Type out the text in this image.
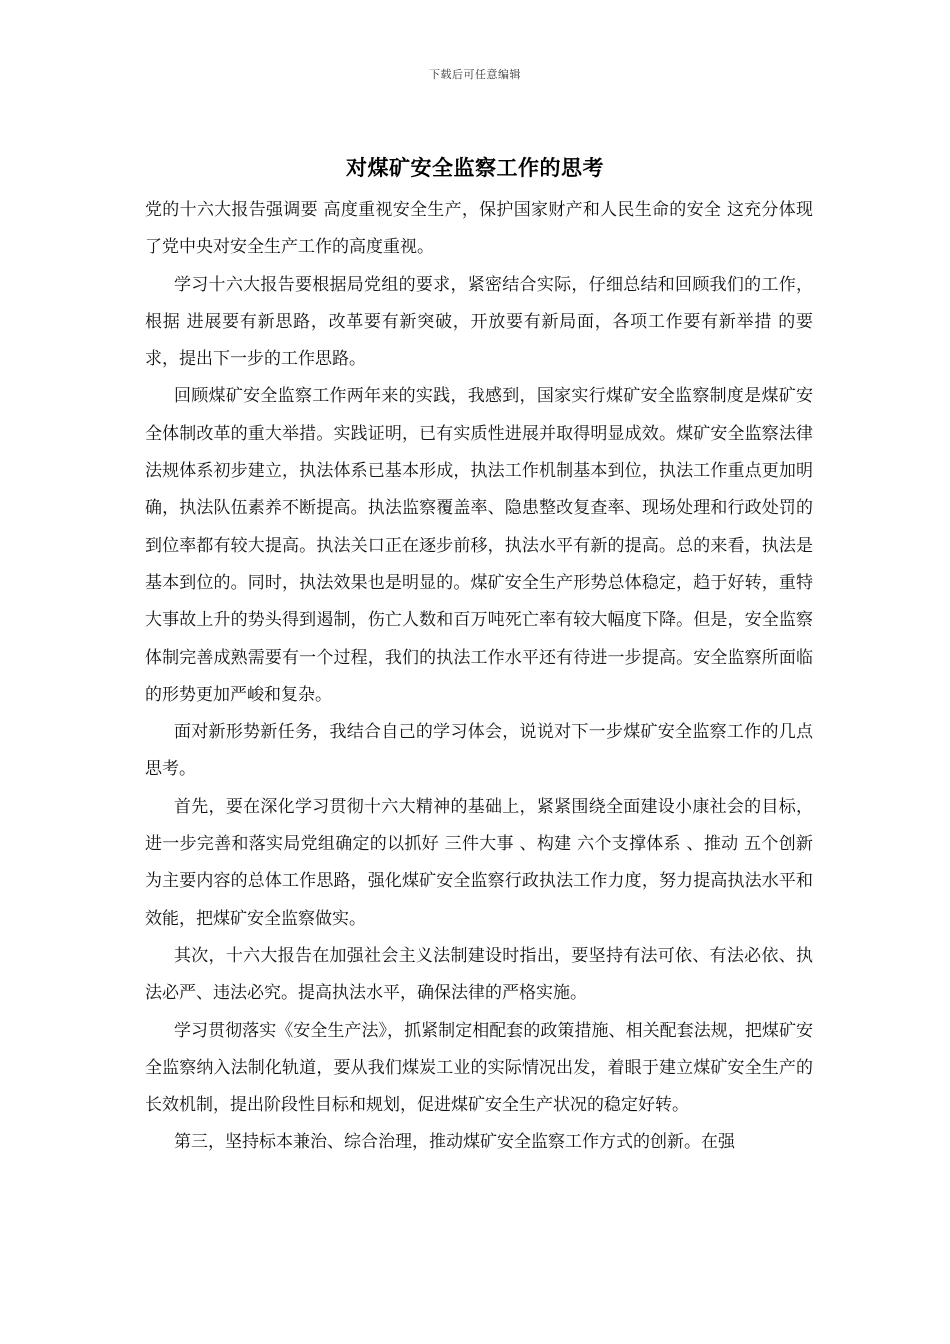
下载后可任意编辑
对煤矿安全监察工作的思考

党的十六大报告强调要 高度重视安全生产，保护国家财产和人民生命的安全 这充分体现了党中央对安全生产工作的高度重视。

学习十六大报告要根据局党组的要求，紧密结合实际，仔细总结和回顾我们的工作，根据 进展要有新思路，改革要有新突破，开放要有新局面，各项工作要有新举措 的要求，提出下一步的工作思路。

回顾煤矿安全监察工作两年来的实践，我感到，国家实行煤矿安全监察制度是煤矿安全体制改革的重大举措。实践证明，已有实质性进展并取得明显成效。煤矿安全监察法律法规体系初步建立，执法体系已基本形成，执法工作机制基本到位，执法工作重点更加明确，执法队伍素养不断提高。执法监察覆盖率、隐患整改复查率、现场处理和行政处罚的到位率都有较大提高。执法关口正在逐步前移，执法水平有新的提高。总的来看，执法是基本到位的。同时，执法效果也是明显的。煤矿安全生产形势总体稳定，趋于好转，重特大事故上升的势头得到遏制，伤亡人数和百万吨死亡率有较大幅度下降。但是，安全监察体制完善成熟需要有一个过程，我们的执法工作水平还有待进一步提高。安全监察所面临的形势更加严峻和复杂。

面对新形势新任务，我结合自己的学习体会，说说对下一步煤矿安全监察工作的几点思考。

首先，要在深化学习贯彻十六大精神的基础上，紧紧围绕全面建设小康社会的目标，进一步完善和落实局党组确定的以抓好 三件大事 、构建 六个支撑体系 、推动 五个创新 为主要内容的总体工作思路，强化煤矿安全监察行政执法工作力度，努力提高执法水平和效能，把煤矿安全监察做实。

其次，十六大报告在加强社会主义法制建设时指出，要坚持有法可依、有法必依、执法必严、违法必究。提高执法水平，确保法律的严格实施。

学习贯彻落实《安全生产法》，抓紧制定相配套的政策措施、相关配套法规，把煤矿安全监察纳入法制化轨道，要从我们煤炭工业的实际情况出发，着眼于建立煤矿安全生产的长效机制，提出阶段性目标和规划，促进煤矿安全生产状况的稳定好转。

第三，坚持标本兼治、综合治理，推动煤矿安全监察工作方式的创新。在强
